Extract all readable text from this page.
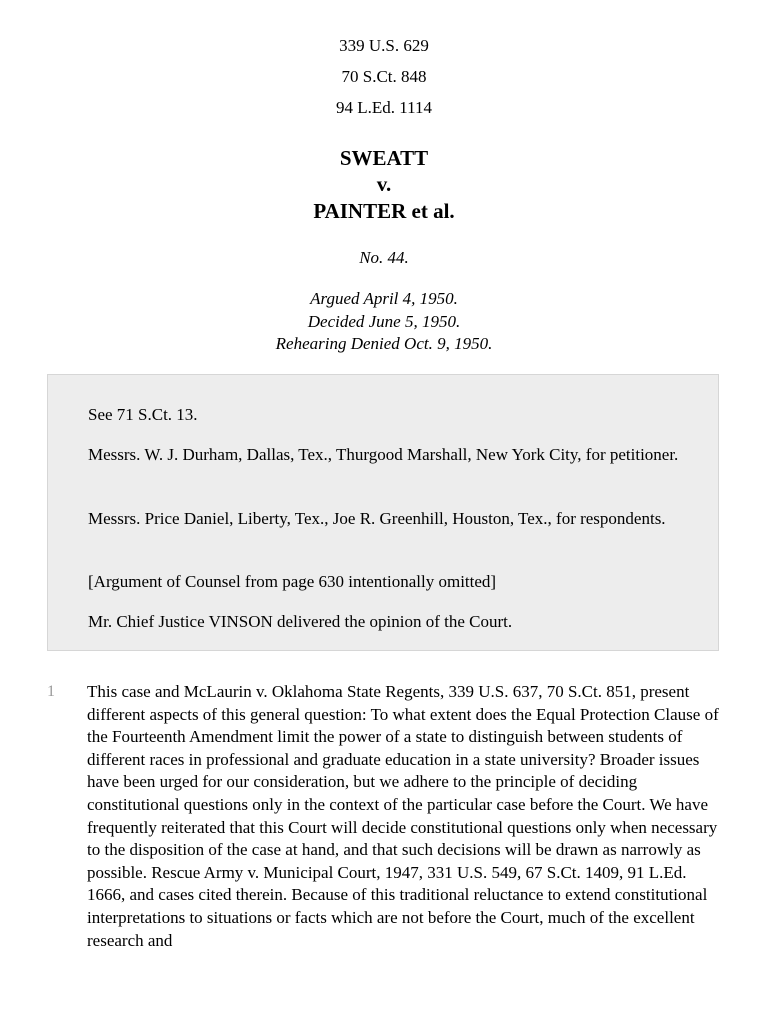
339 U.S. 629
70 S.Ct. 848
94 L.Ed. 1114
SWEATT
v.
PAINTER et al.
No. 44.
Argued April 4, 1950.
Decided June 5, 1950.
Rehearing Denied Oct. 9, 1950.
See 71 S.Ct. 13.
Messrs. W. J. Durham, Dallas, Tex., Thurgood Marshall, New York City, for petitioner.
Messrs. Price Daniel, Liberty, Tex., Joe R. Greenhill, Houston, Tex., for respondents.
[Argument of Counsel from page 630 intentionally omitted]
Mr. Chief Justice VINSON delivered the opinion of the Court.
1 This case and McLaurin v. Oklahoma State Regents, 339 U.S. 637, 70 S.Ct. 851, present different aspects of this general question: To what extent does the Equal Protection Clause of the Fourteenth Amendment limit the power of a state to distinguish between students of different races in professional and graduate education in a state university? Broader issues have been urged for our consideration, but we adhere to the principle of deciding constitutional questions only in the context of the particular case before the Court. We have frequently reiterated that this Court will decide constitutional questions only when necessary to the disposition of the case at hand, and that such decisions will be drawn as narrowly as possible. Rescue Army v. Municipal Court, 1947, 331 U.S. 549, 67 S.Ct. 1409, 91 L.Ed. 1666, and cases cited therein. Because of this traditional reluctance to extend constitutional interpretations to situations or facts which are not before the Court, much of the excellent research and
